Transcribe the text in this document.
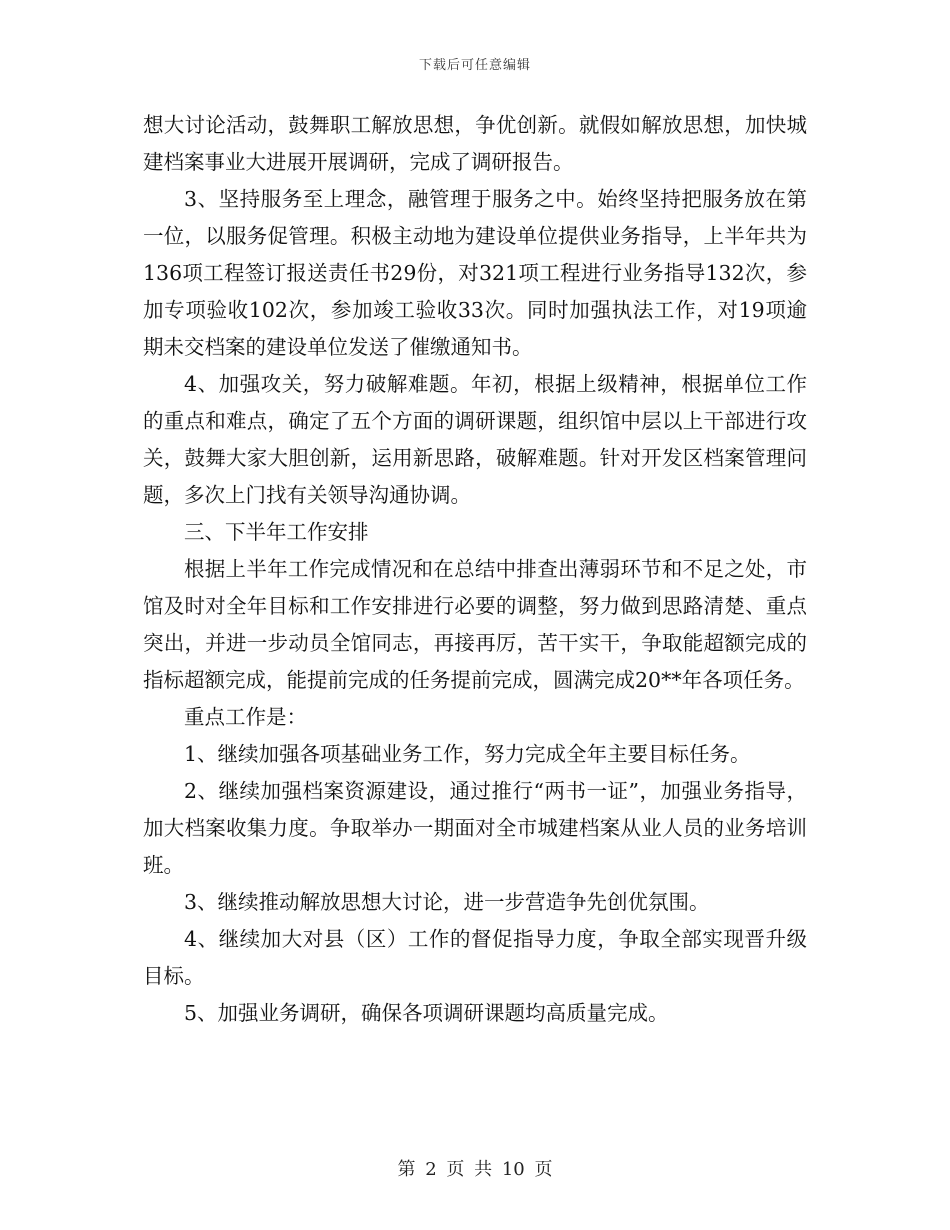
下载后可任意编辑

想大讨论活动，鼓舞职工解放思想，争优创新。就假如解放思想，加快城建档案事业大进展开展调研，完成了调研报告。

3、坚持服务至上理念，融管理于服务之中。始终坚持把服务放在第一位，以服务促管理。积极主动地为建设单位提供业务指导，上半年共为136项工程签订报送责任书29份，对321项工程进行业务指导132次，参加专项验收102次，参加竣工验收33次。同时加强执法工作，对19项逾期未交档案的建设单位发送了催缴通知书。

4、加强攻关，努力破解难题。年初，根据上级精神，根据单位工作的重点和难点，确定了五个方面的调研课题，组织馆中层以上干部进行攻关，鼓舞大家大胆创新，运用新思路，破解难题。针对开发区档案管理问题，多次上门找有关领导沟通协调。

三、下半年工作安排

根据上半年工作完成情况和在总结中排查出薄弱环节和不足之处，市馆及时对全年目标和工作安排进行必要的调整，努力做到思路清楚、重点突出，并进一步动员全馆同志，再接再厉，苦干实干，争取能超额完成的指标超额完成，能提前完成的任务提前完成，圆满完成20**年各项任务。

重点工作是：

1、继续加强各项基础业务工作，努力完成全年主要目标任务。

2、继续加强档案资源建设，通过推行“两书一证”，加强业务指导，加大档案收集力度。争取举办一期面对全市城建档案从业人员的业务培训班。

3、继续推动解放思想大讨论，进一步营造争先创优氛围。

4、继续加大对县（区）工作的督促指导力度，争取全部实现晋升级目标。

5、加强业务调研，确保各项调研课题均高质量完成。

第 2 页 共 10 页
